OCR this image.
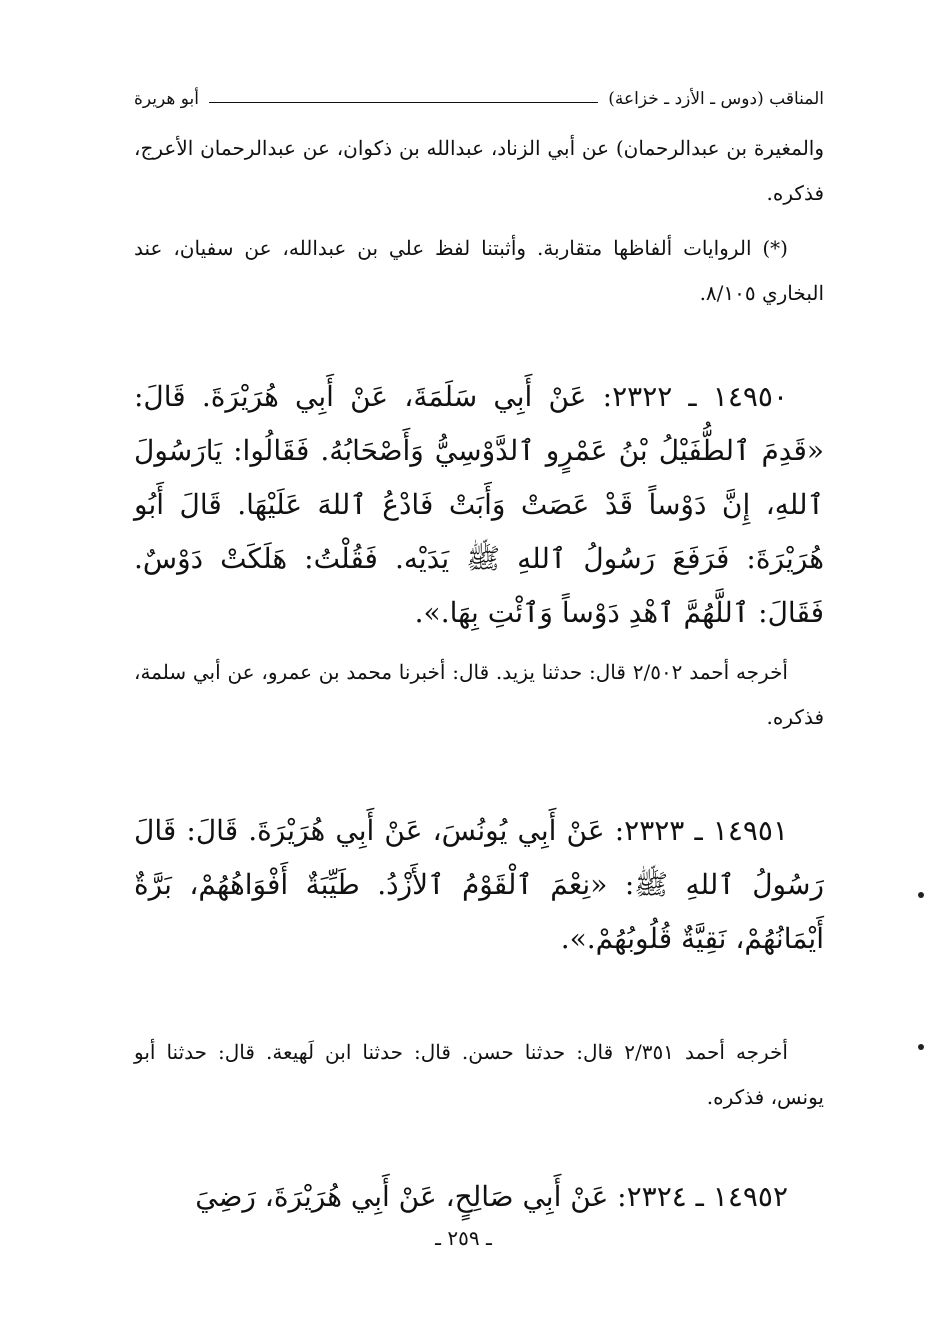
المناقب (دوس ـ الأزد ـ خزاعة)
أبو هريرة

والمغيرة بن عبدالرحمان) عن أبي الزناد، عبدالله بن ذكوان، عن عبدالرحمان الأعرج، فذكره.

(*) الروايات ألفاظها متقاربة. وأثبتنا لفظ علي بن عبدالله، عن سفيان، عند البخاري ٨/١٠٥.

١٤٩٥٠ ـ ٢٣٢٢: عَنْ أَبِي سَلَمَةَ، عَنْ أَبِي هُرَيْرَةَ. قَالَ: «قَدِمَ ٱلطُّفَيْلُ بْنُ عَمْرٍو ٱلدَّوْسِيُّ وَأَصْحَابُهُ. فَقَالُوا: يَارَسُولَ ٱللهِ، إِنَّ دَوْساً قَدْ عَصَتْ وَأَبَتْ فَادْعُ ٱللهَ عَلَيْهَا. قَالَ أَبُو هُرَيْرَةَ: فَرَفَعَ رَسُولُ ٱللهِ ﷺ يَدَيْه. فَقُلْتُ: هَلَكَتْ دَوْسٌ. فَقَالَ: ٱللَّهُمَّ ٱهْدِ دَوْساً وَٱئْتِ بِهَا.».

أخرجه أحمد ٢/٥٠٢ قال: حدثنا يزيد. قال: أخبرنا محمد بن عمرو، عن أبي سلمة، فذكره.

١٤٩٥١ ـ ٢٣٢٣: عَنْ أَبِي يُونُسَ، عَنْ أَبِي هُرَيْرَةَ. قَالَ: قَالَ رَسُولُ ٱللهِ ﷺ: «نِعْمَ ٱلْقَوْمُ ٱلأَزْدُ. طَيِّبَةٌ أَفْوَاهُهُمْ، بَرَّةٌ أَيْمَانُهُمْ، نَقِيَّةٌ قُلُوبُهُمْ.».

أخرجه أحمد ٢/٣٥١ قال: حدثنا حسن. قال: حدثنا ابن لَهيعة. قال: حدثنا أبو يونس، فذكره.

١٤٩٥٢ ـ ٢٣٢٤: عَنْ أَبِي صَالِحٍ، عَنْ أَبِي هُرَيْرَةَ، رَضِيَ

ـ ٢٥٩ ـ
